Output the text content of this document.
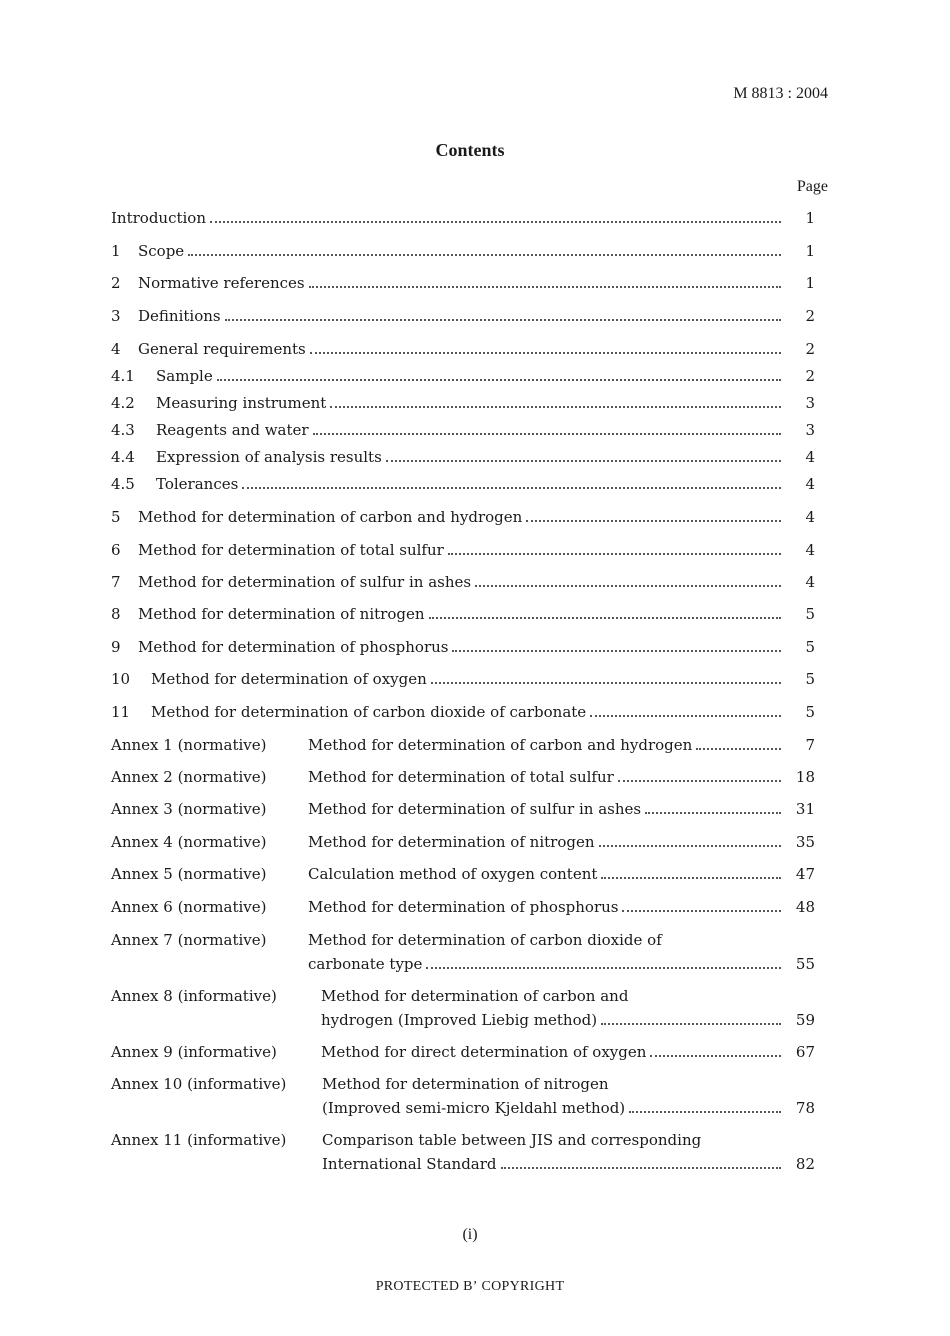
M 8813 : 2004
Contents
Page
Introduction	1
1 Scope	1
2 Normative references	1
3 Definitions	2
4 General requirements	2
4.1 Sample	2
4.2 Measuring instrument	3
4.3 Reagents and water	3
4.4 Expression of analysis results	4
4.5 Tolerances	4
5 Method for determination of carbon and hydrogen	4
6 Method for determination of total sulfur	4
7 Method for determination of sulfur in ashes	4
8 Method for determination of nitrogen	5
9 Method for determination of phosphorus	5
10 Method for determination of oxygen	5
11 Method for determination of carbon dioxide of carbonate	5
Annex 1 (normative)	Method for determination of carbon and hydrogen	7
Annex 2 (normative)	Method for determination of total sulfur	18
Annex 3 (normative)	Method for determination of sulfur in ashes	31
Annex 4 (normative)	Method for determination of nitrogen	35
Annex 5 (normative)	Calculation method of oxygen content	47
Annex 6 (normative)	Method for determination of phosphorus	48
Annex 7 (normative)	Method for determination of carbon dioxide of
carbonate type	55
Annex 8 (informative)	Method for determination of carbon and
hydrogen (Improved Liebig method)	59
Annex 9 (informative)	Method for direct determination of oxygen	67
Annex 10 (informative) Method for determination of nitrogen
(Improved semi-micro Kjeldahl method)	78
Annex 11 (informative) Comparison table between JIS and corresponding
International Standard	82
(i)
PROTECTED Bʼ COPYRIGHT
